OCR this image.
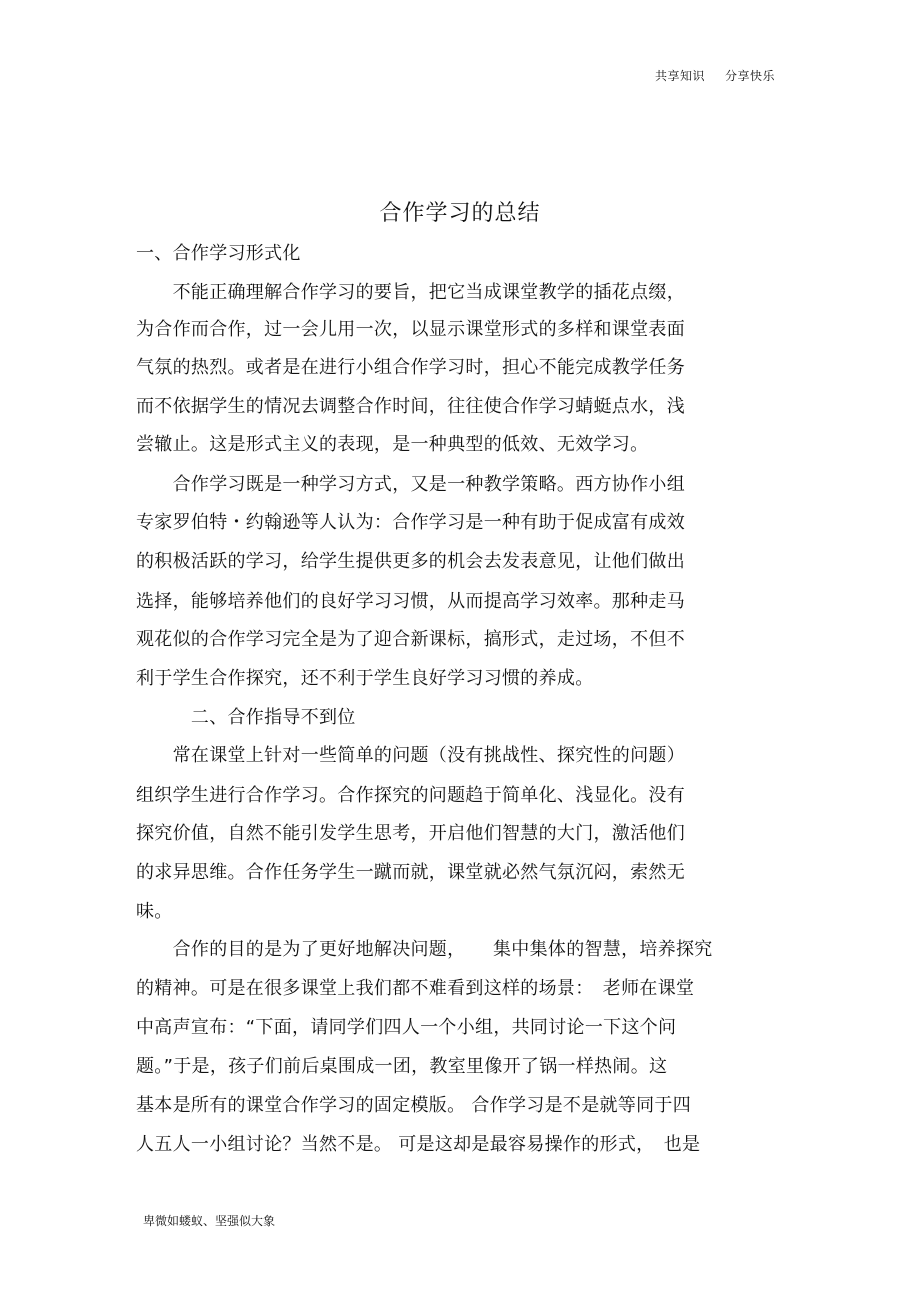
共享知识 分享快乐
合作学习的总结
一、合作学习形式化
　　不能正确理解合作学习的要旨，把它当成课堂教学的插花点缀，
为合作而合作，过一会儿用一次，以显示课堂形式的多样和课堂表面
气氛的热烈。或者是在进行小组合作学习时，担心不能完成教学任务
而不依据学生的情况去调整合作时间，往往使合作学习蜻蜓点水，浅
尝辙止。这是形式主义的表现，是一种典型的低效、无效学习。
　　合作学习既是一种学习方式，又是一种教学策略。西方协作小组
专家罗伯特・约翰逊等人认为：合作学习是一种有助于促成富有成效
的积极活跃的学习，给学生提供更多的机会去发表意见，让他们做出
选择，能够培养他们的良好学习习惯，从而提高学习效率。那种走马
观花似的合作学习完全是为了迎合新课标，搞形式，走过场，不但不
利于学生合作探究，还不利于学生良好学习习惯的养成。
　　　二、合作指导不到位
　　常在课堂上针对一些简单的问题（没有挑战性、探究性的问题）
组织学生进行合作学习。合作探究的问题趋于简单化、浅显化。没有
探究价值，自然不能引发学生思考，开启他们智慧的大门，激活他们
的求异思维。合作任务学生一蹴而就，课堂就必然气氛沉闷，索然无
味。
　　合作的目的是为了更好地解决问题，　　集中集体的智慧，培养探究
的精神。可是在很多课堂上我们都不难看到这样的场景：　老师在课堂
中高声宣布：“下面，请同学们四人一个小组，共同讨论一下这个问
题。”于是，孩子们前后桌围成一团，教室里像开了锅一样热闹。这
基本是所有的课堂合作学习的固定模版。 合作学习是不是就等同于四
人五人一小组讨论？当然不是。 可是这却是最容易操作的形式，　也是
卑微如蝼蚁、坚强似大象
